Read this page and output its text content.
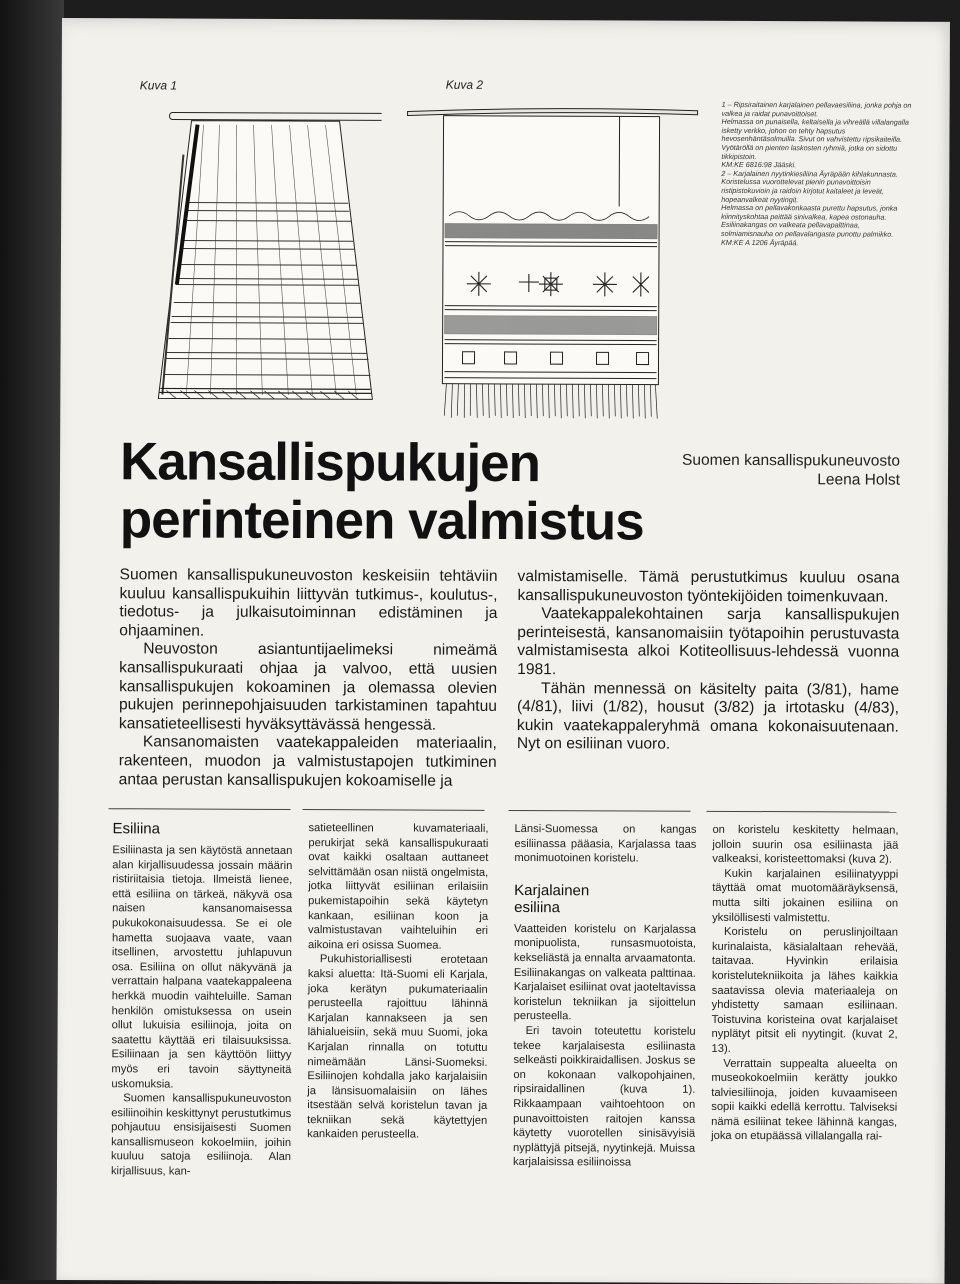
Kuva 1	Kuva 2

1 – Ripsiraitainen karjalainen pellavaesiliina, jonka pohja on valkea ja raidat punavoittoiset.

Helmassa on punaisella, keltaisella ja vihreällä villalangalla isketty verkko, johon on tehty hapsutus hevosenhäntäsolmuilla. Sivut on vahvistettu ripsikaiteilla.

Vyötäröllä on pienten laskosten ryhmiä, jotka on sidottu tikkipistoin.

KM:KE 6816:98 Jääski.

2 – Karjalainen nyytinkiesiliina Äyräpään kihlakunnasta. Koristelussa vuorottelevat pienin punavoittoisin ristipistokuvioin ja raidoin kirjotut kaitaleet ja leveät, hopeanvalkeat nyytingit.

Helmassa on pellavakonkaasta purettu hapsutus, jonka kiinnityskohtaa peittää sinivalkea, kapea ostonauha.

Esiliinakangas on valkeata pellavapalttinaa, solmiamisnauha on pellavalangasta punottu palmikko.

KM:KE A 1206 Äyräpää.

Kansallispukujen
perinteinen valmistus
Suomen kansallispukuneuvosto
Leena Holst

Suomen kansallispukuneuvoston keskeisiin tehtäviin kuuluu kansallispukuihin liittyvän tutkimus-, koulutus-, tiedotus- ja julkaisutoiminnan edistäminen ja ohjaaminen.

Neuvoston asiantuntijaelimeksi nimeämä kansallispukuraati ohjaa ja valvoo, että uusien kansallispukujen kokoaminen ja olemassa olevien pukujen perinnepohjaisuuden tarkistaminen tapahtuu kansatieteellisesti hyväksyttävässä hengessä.

Kansanomaisten vaatekappaleiden materiaalin, rakenteen, muodon ja valmistustapojen tutkiminen antaa perustan kansallispukujen kokoamiselle ja

valmistamiselle. Tämä perustutkimus kuuluu osana kansallispukuneuvoston työntekijöiden toimenkuvaan.

Vaatekappalekohtainen sarja kansallispukujen perinteisestä, kansanomaisiin työtapoihin perustuvasta valmistamisesta alkoi Kotiteollisuus-lehdessä vuonna 1981.

Tähän mennessä on käsitelty paita (3/81), hame (4/81), liivi (1/82), housut (3/82) ja irtotasku (4/83), kukin vaatekappaleryhmä omana kokonaisuutenaan. Nyt on esiliinan vuoro.

Esiliina

Esiliinasta ja sen käytöstä annetaan alan kirjallisuudessa jossain määrin ristiriitaisia tietoja. Ilmeistä lienee, että esiliina on tärkeä, näkyvä osa naisen kansanomaisessa pukukokonaisuudessa. Se ei ole hametta suojaava vaate, vaan itsellinen, arvostettu juhlapuvun osa. Esiliina on ollut näkyvänä ja verrattain halpana vaatekappaleena herkkä muodin vaihteluille. Saman henkilön omistuksessa on usein ollut lukuisia esiliinoja, joita on saatettu käyttää eri tilaisuuksissa. Esiliinaan ja sen käyttöön liittyy myös eri tavoin säyttyneitä uskomuksia.

Suomen kansallispukuneuvoston esiliinoihin keskittynyt perustutkimus pohjautuu ensisijaisesti Suomen kansallismuseon kokoelmiin, joihin kuuluu satoja esiliinoja. Alan kirjallisuus, kan-

satieteellinen kuvamateriaali, perukirjat sekä kansallispukuraati ovat kaikki osaltaan auttaneet selvittämään osan niistä ongelmista, jotka liittyvät esiliinan erilaisiin pukemistapoihin sekä käytetyn kankaan, esiliinan koon ja valmistustavan vaihteluihin eri aikoina eri osissa Suomea.

Pukuhistoriallisesti erotetaan kaksi aluetta: Itä-Suomi eli Karjala, joka kerätyn pukumateriaalin perusteella rajoittuu lähinnä Karjalan kannakseen ja sen lähialueisiin, sekä muu Suomi, joka Karjalan rinnalla on totuttu nimeämään Länsi-Suomeksi. Esiliinojen kohdalla jako karjalaisiin ja länsisuomalaisiin on lähes itsestään selvä koristelun tavan ja tekniikan sekä käytettyjen kankaiden perusteella.

Länsi-Suomessa on kangas esiliinassa pääasia, Karjalassa taas monimuotoinen koristelu.

Karjalainen
esiliina

Vaatteiden koristelu on Karjalassa monipuolista, runsasmuotoista, kekseliästä ja ennalta arvaamatonta. Esiliinakangas on valkeata palttinaa. Karjalaiset esiliinat ovat jaoteltavissa koristelun tekniikan ja sijoittelun perusteella.

Eri tavoin toteutettu koristelu tekee karjalaisesta esiliinasta selkeästi poikkiraidallisen. Joskus se on kokonaan valkopohjainen, ripsiraidallinen (kuva 1). Rikkaampaan vaihtoehtoon on punavoittoisten raitojen kanssa käytetty vuorotellen sinisävyisiä nyplättyjä pitsejä, nyytinkejä. Muissa karjalaisissa esiliinoissa

on koristelu keskitetty helmaan, jolloin suurin osa esiliinasta jää valkeaksi, koristeettomaksi (kuva 2).

Kukin karjalainen esiliinatyyppi täyttää omat muotomääräyksensä, mutta silti jokainen esiliina on yksilöllisesti valmistettu.

Koristelu on peruslinjoiltaan kurinalaista, käsialaltaan rehevää, taitavaa. Hyvinkin erilaisia koristelutekniikoita ja lähes kaikkia saatavissa olevia materiaaleja on yhdistetty samaan esiliinaan. Toistuvina koristeina ovat karjalaiset nyplätyt pitsit eli nyytingit. (kuvat 2, 13).

Verrattain suppealta alueelta on museokokoelmiin kerätty joukko talviesiliinoja, joiden kuvaamiseen sopii kaikki edellä kerrottu. Talviseksi nämä esiliinat tekee lähinnä kangas, joka on etupäässä villalangalla rai-
